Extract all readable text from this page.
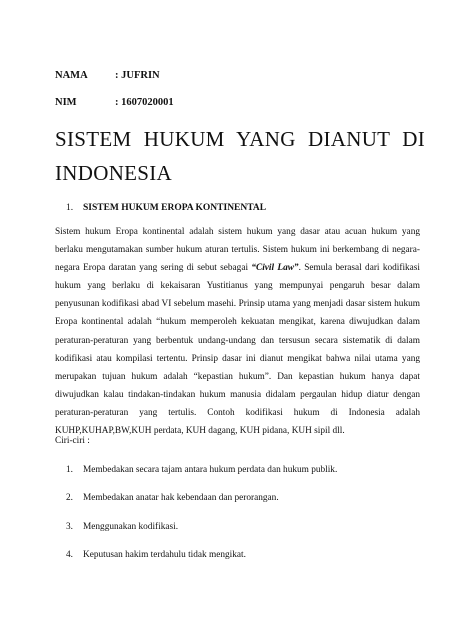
NAMA	: JUFRIN
NIM	: 1607020001
SISTEM HUKUM YANG DIANUT DI
INDONESIA
1. SISTEM HUKUM EROPA KONTINENTAL

Sistem hukum Eropa kontinental adalah sistem hukum yang dasar atau acuan hukum yang berlaku mengutamakan sumber hukum aturan tertulis. Sistem hukum ini berkembang di negara-negara Eropa daratan yang sering di sebut sebagai “Civil Law”. Semula berasal dari kodifikasi hukum yang berlaku di kekaisaran Yustitianus yang mempunyai pengaruh besar dalam penyusunan kodifikasi abad VI sebelum masehi. Prinsip utama yang menjadi dasar sistem hukum Eropa kontinental adalah “hukum memperoleh kekuatan mengikat, karena diwujudkan dalam peraturan-peraturan yang berbentuk undang-undang dan tersusun secara sistematik di dalam kodifikasi atau kompilasi tertentu. Prinsip dasar ini dianut mengikat bahwa nilai utama yang merupakan tujuan hukum adalah “kepastian hukum”. Dan kepastian hukum hanya dapat diwujudkan kalau tindakan-tindakan hukum manusia didalam pergaulan hidup diatur dengan peraturan-peraturan yang tertulis. Contoh kodifikasi hukum di Indonesia adalah KUHP,KUHAP,BW,KUH perdata, KUH dagang, KUH pidana, KUH sipil dll.

Ciri-ciri :
1. Membedakan secara tajam antara hukum perdata dan hukum publik.
2. Membedakan anatar hak kebendaan dan perorangan.
3. Menggunakan kodifikasi.
4. Keputusan hakim terdahulu tidak mengikat.
